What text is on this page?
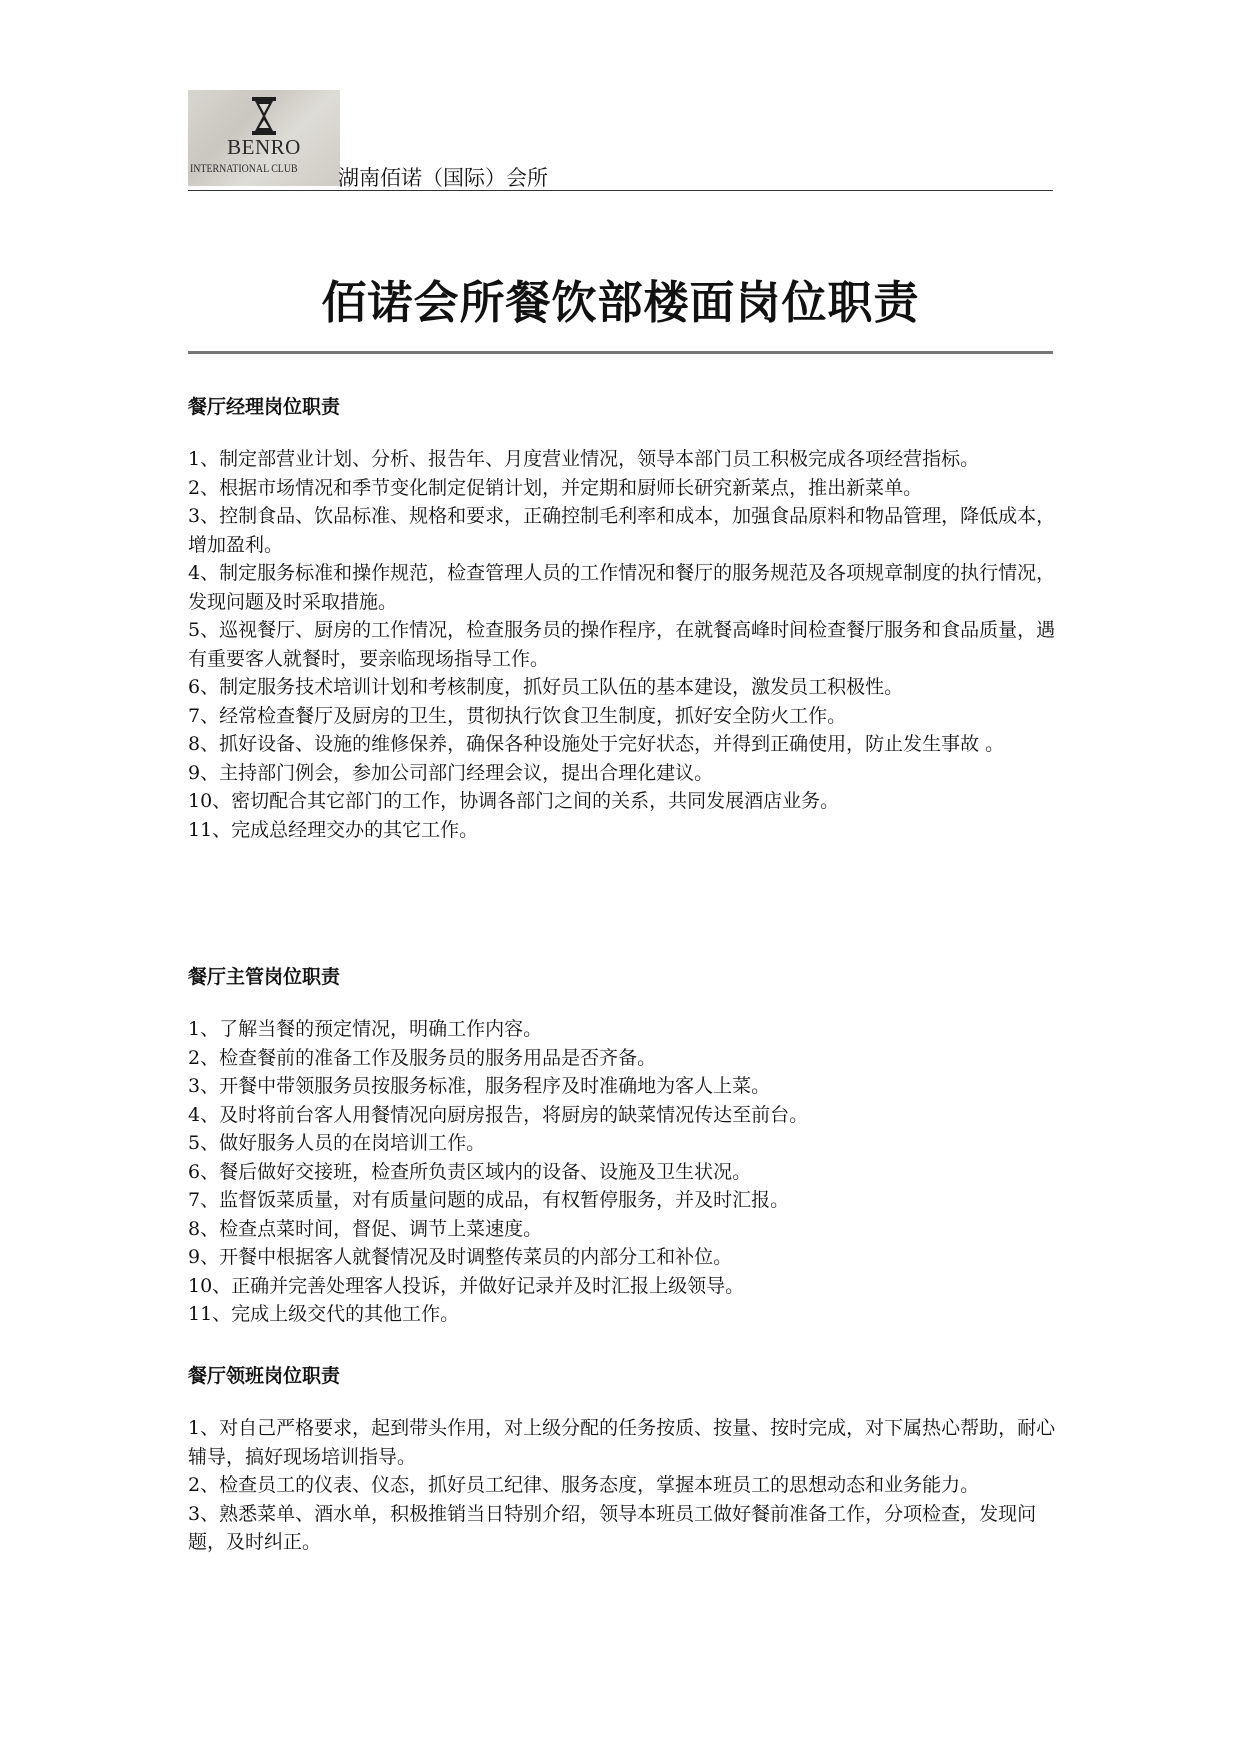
BENRO
INTERNATIONAL CLUB 湖南佰诺（国际）会所
佰诺会所餐饮部楼面岗位职责
餐厅经理岗位职责

1、制定部营业计划、分析、报告年、月度营业情况，领导本部门员工积极完成各项经营指标。

2、根据市场情况和季节变化制定促销计划，并定期和厨师长研究新菜点，推出新菜单。

3、控制食品、饮品标准、规格和要求，正确控制毛利率和成本，加强食品原料和物品管理，降低成本，增加盈利。

4、制定服务标准和操作规范，检查管理人员的工作情况和餐厅的服务规范及各项规章制度的执行情况，发现问题及时采取措施。

5、巡视餐厅、厨房的工作情况，检查服务员的操作程序，在就餐高峰时间检查餐厅服务和食品质量，遇有重要客人就餐时，要亲临现场指导工作。

6、制定服务技术培训计划和考核制度，抓好员工队伍的基本建设，激发员工积极性。

7、经常检查餐厅及厨房的卫生，贯彻执行饮食卫生制度，抓好安全防火工作。

8、抓好设备、设施的维修保养，确保各种设施处于完好状态，并得到正确使用，防止发生事故 。

9、主持部门例会，参加公司部门经理会议，提出合理化建议。

10、密切配合其它部门的工作，协调各部门之间的关系，共同发展酒店业务。

11、完成总经理交办的其它工作。

餐厅主管岗位职责

1、了解当餐的预定情况，明确工作内容。

2、检查餐前的准备工作及服务员的服务用品是否齐备。

3、开餐中带领服务员按服务标准，服务程序及时准确地为客人上菜。

4、及时将前台客人用餐情况向厨房报告，将厨房的缺菜情况传达至前台。

5、做好服务人员的在岗培训工作。

6、餐后做好交接班，检查所负责区域内的设备、设施及卫生状况。

7、监督饭菜质量，对有质量问题的成品，有权暂停服务，并及时汇报。

8、检查点菜时间，督促、调节上菜速度。

9、开餐中根据客人就餐情况及时调整传菜员的内部分工和补位。

10、正确并完善处理客人投诉，并做好记录并及时汇报上级领导。

11、完成上级交代的其他工作。

餐厅领班岗位职责

1、对自己严格要求，起到带头作用，对上级分配的任务按质、按量、按时完成，对下属热心帮助，耐心辅导，搞好现场培训指导。

2、检查员工的仪表、仪态，抓好员工纪律、服务态度，掌握本班员工的思想动态和业务能力。

3、熟悉菜单、酒水单，积极推销当日特别介绍，领导本班员工做好餐前准备工作，分项检查，发现问题，及时纠正。
